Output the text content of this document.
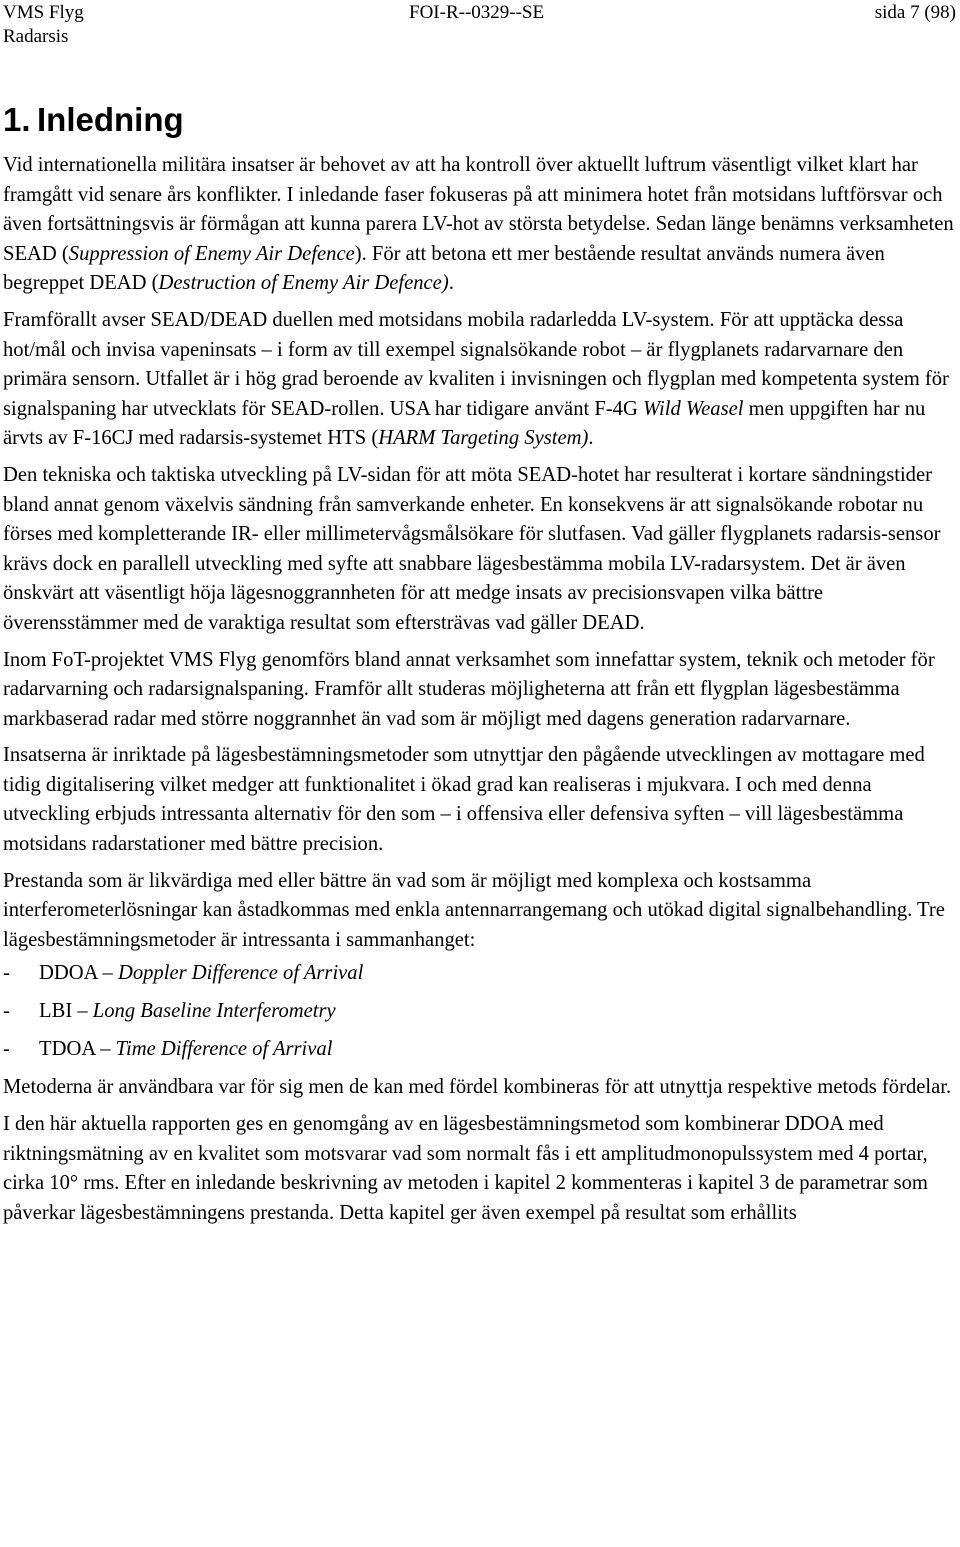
VMS Flyg
Radarsis
FOI-R--0329--SE	sida 7 (98)
1. Inledning

Vid internationella militära insatser är behovet av att ha kontroll över aktuellt luftrum väsentligt vilket klart har framgått vid senare års konflikter. I inledande faser fokuseras på att minimera hotet från motsidans luftförsvar och även fortsättningsvis är förmågan att kunna parera LV-hot av största betydelse. Sedan länge benämns verksamheten SEAD (Suppression of Enemy Air Defence). För att betona ett mer bestående resultat används numera även begreppet DEAD (Destruction of Enemy Air Defence).

Framförallt avser SEAD/DEAD duellen med motsidans mobila radarledda LV-system. För att upptäcka dessa hot/mål och invisa vapeninsats – i form av till exempel signalsökande robot – är flygplanets radarvarnare den primära sensorn. Utfallet är i hög grad beroende av kvaliten i invisningen och flygplan med kompetenta system för signalspaning har utvecklats för SEAD-rollen. USA har tidigare använt F-4G Wild Weasel men uppgiften har nu ärvts av F-16CJ med radarsis-systemet HTS (HARM Targeting System).

Den tekniska och taktiska utveckling på LV-sidan för att möta SEAD-hotet har resulterat i kortare sändningstider bland annat genom växelvis sändning från samverkande enheter. En konsekvens är att signalsökande robotar nu förses med kompletterande IR- eller millimetervågsmålsökare för slutfasen. Vad gäller flygplanets radarsis-sensor krävs dock en parallell utveckling med syfte att snabbare lägesbestämma mobila LV-radarsystem. Det är även önskvärt att väsentligt höja lägesnoggrannheten för att medge insats av precisionsvapen vilka bättre överensstämmer med de varaktiga resultat som eftersträvas vad gäller DEAD.

Inom FoT-projektet VMS Flyg genomförs bland annat verksamhet som innefattar system, teknik och metoder för radarvarning och radarsignalspaning. Framför allt studeras möjligheterna att från ett flygplan lägesbestämma markbaserad radar med större noggrannhet än vad som är möjligt med dagens generation radarvarnare.

Insatserna är inriktade på lägesbestämningsmetoder som utnyttjar den pågående utvecklingen av mottagare med tidig digitalisering vilket medger att funktionalitet i ökad grad kan realiseras i mjukvara. I och med denna utveckling erbjuds intressanta alternativ för den som – i offensiva eller defensiva syften – vill lägesbestämma motsidans radarstationer med bättre precision.

Prestanda som är likvärdiga med eller bättre än vad som är möjligt med komplexa och kostsamma interferometerlösningar kan åstadkommas med enkla antennarrangemang och utökad digital signalbehandling. Tre lägesbestämningsmetoder är intressanta i sammanhanget:

- DDOA – Doppler Difference of Arrival
- LBI – Long Baseline Interferometry
- TDOA – Time Difference of Arrival

Metoderna är användbara var för sig men de kan med fördel kombineras för att utnyttja respektive metods fördelar.

I den här aktuella rapporten ges en genomgång av en lägesbestämningsmetod som kombinerar DDOA med riktningsmätning av en kvalitet som motsvarar vad som normalt fås i ett amplitudmonopulssystem med 4 portar, cirka 10° rms. Efter en inledande beskrivning av metoden i kapitel 2 kommenteras i kapitel 3 de parametrar som påverkar lägesbestämningens prestanda. Detta kapitel ger även exempel på resultat som erhållits
